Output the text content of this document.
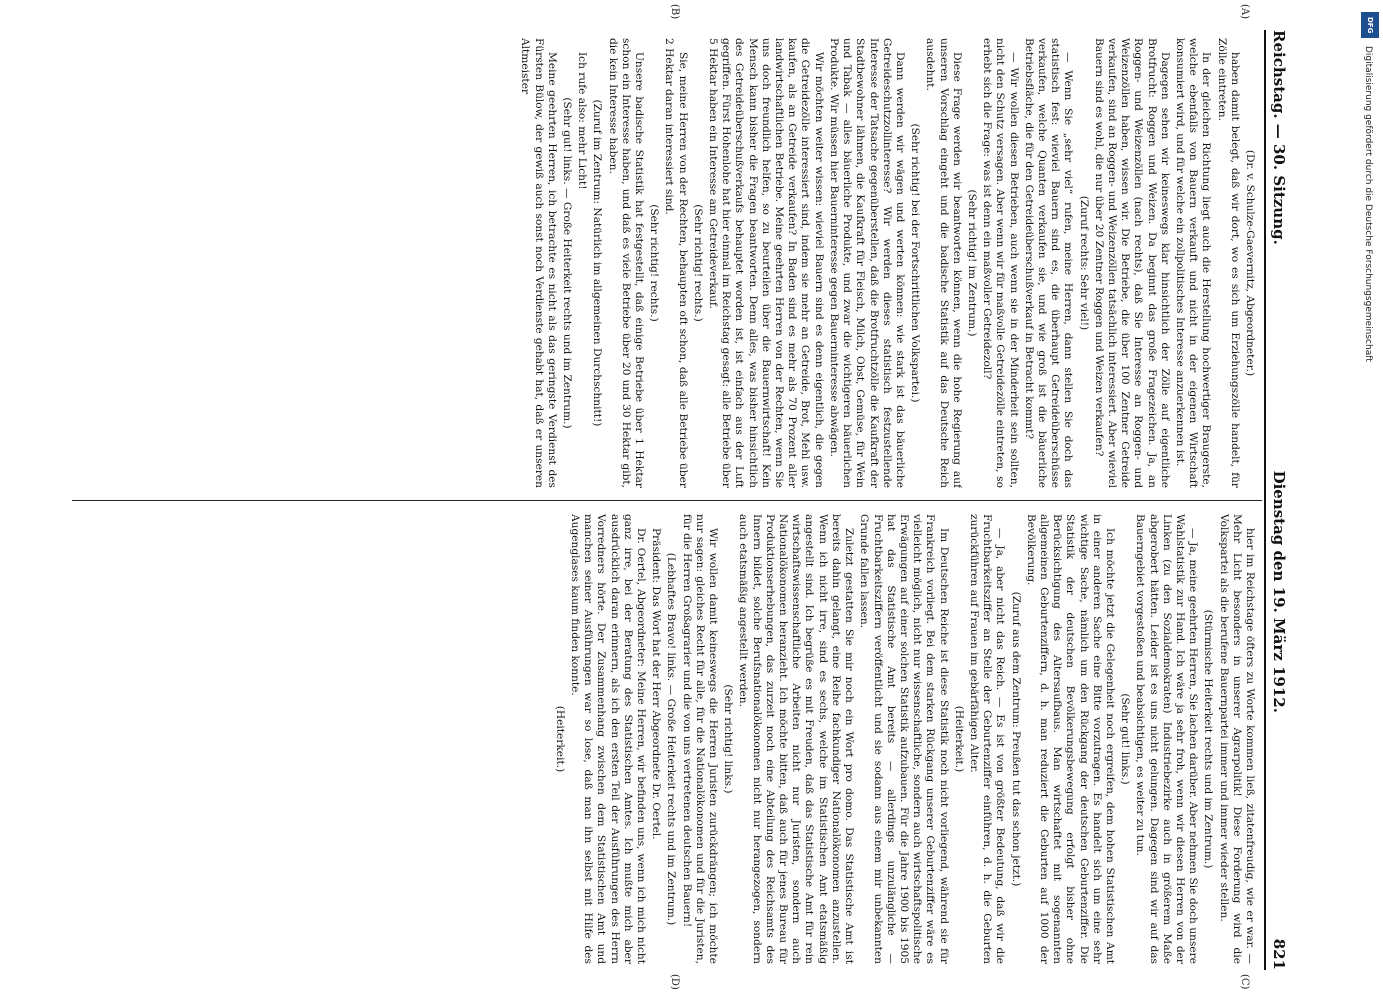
Reichstag. — 30. Sitzung.
Dienstag den 19. März 1912.
821
(A)
(B)
(C)
(D)

(Dr. v. Schulze-Gaevernitz, Abgeordneter.)

haben damit belegt, daß wir dort, wo es sich um Erziehungszölle handelt, für Zölle eintreten.

In der gleichen Richtung liegt auch die Herstellung hochwertiger Braugerste, welche ebenfalls von Bauern verkauft und nicht in der eigenen Wirtschaft konsumiert wird, und für welche ein zollpolitisches Interesse anzuerkennen ist.

Dagegen sehen wir keineswegs klar hinsichtlich der Zölle auf eigentliche Brotfrucht: Roggen und Weizen. Da beginnt das große Fragezeichen. Ja, an Roggen- und Weizenzöllen (nach rechts), daß Sie Interesse an Roggen- und Weizenzöllen haben, wissen wir. Die Betriebe, die über 100 Zentner Getreide verkaufen, sind an Roggen- und Weizenzöllen tatsächlich interessiert. Aber wieviel Bauern sind es wohl, die nur über 20 Zentner Roggen und Weizen verkaufen?

(Zuruf rechts: Sehr viel!)

— Wenn Sie „sehr viel“ rufen, meine Herren, dann stellen Sie doch das statistisch fest: wieviel Bauern sind es, die überhaupt Getreideüberschüsse verkaufen, welche Quanten verkaufen sie, und wie groß ist die bäuerliche Betriebsfläche, die für den Getreideüberschußverkauf in Betracht kommt?

— Wir wollen diesen Betrieben, auch wenn sie in der Minderheit sein sollten, nicht den Schutz versagen. Aber wenn wir für maßvolle Getreidezölle eintreten, so erhebt sich die Frage: was ist denn ein maßvoller Getreidezoll?

(Sehr richtig! im Zentrum.)

Diese Frage werden wir beantworten können, wenn die hohe Regierung auf unseren Vorschlag eingeht und die badische Statistik auf das Deutsche Reich ausdehnt.

(Sehr richtig! bei der Fortschrittlichen Volkspartei.)

Dann werden wir wägen und werten können: wie stark ist das bäuerliche Getreideschutzzollinteresse? Wir werden dieses statistisch festzustellende Interesse der Tatsache gegenüberstellen, daß die Brotfruchtzölle die Kaufkraft der Stadtbewohner lähmen, die Kaufkraft für Fleisch, Milch, Obst, Gemüse, für Wein und Tabak — alles bäuerliche Produkte, und zwar die wichtigeren bäuerlichen Produkte. Wir müssen hier Bauerninteresse gegen Bauerninteresse abwägen.

Wir möchten weiter wissen: wieviel Bauern sind es denn eigentlich, die gegen die Getreidezölle interessiert sind, indem sie mehr an Getreide, Brot, Mehl usw. kaufen, als an Getreide verkaufen? In Baden sind es mehr als 70 Prozent aller landwirtschaftlichen Betriebe. Meine geehrten Herren von der Rechten, wenn Sie uns doch freundlich helfen, so zu beurteilen über die Bauernwirtschaft! Kein Mensch kann bisher die Fragen beantworten. Denn alles, was bisher hinsichtlich des Getreideüberschußverkaufs behauptet worden ist, ist einfach aus der Luft gegriffen. Fürst Hohenlohe hat hier einmal im Reichstag gesagt: alle Betriebe über 5 Hektar haben ein Interesse am Getreideverkauf.

(Sehr richtig! rechts.)

Sie, meine Herren von der Rechten, behaupten oft schon, daß alle Betriebe über 2 Hektar daran interessiert sind.

(Sehr richtig! rechts.)

Unsere badische Statistik hat festgestellt, daß einige Betriebe über 1 Hektar schon ein Interesse haben, und daß es viele Betriebe über 20 und 30 Hektar gibt, die kein Interesse haben.

(Zuruf im Zentrum: Natürlich im allgemeinen Durchschnitt!)

Ich rufe also: mehr Licht!

(Sehr gut! links. — Große Heiterkeit rechts und im Zentrum.)

Meine geehrten Herren, ich betrachte es nicht als das geringste Verdienst des Fürsten Bülow, der gewiß auch sonst noch Verdienste gehabt hat, daß er unseren Altmeister

hier im Reichstage öfters zu Worte kommen ließ, zitatenfreudig, wie er war. — Mehr Licht besonders in unserer Agrarpolitik! Diese Forderung wird die Volkspartei als die berufene Bauernpartei immer und immer wieder stellen.

(Stürmische Heiterkeit rechts und im Zentrum.)

— Ja, meine geehrten Herren, Sie lachen darüber. Aber nehmen Sie doch unsere Wahlstatistik zur Hand. Ich wäre ja sehr froh, wenn wir diesen Herren von der Linken (zu den Sozialdemokraten) Industriebezirke auch in größerem Maße abgerobert hätten. Leider ist es uns nicht gelungen. Dagegen sind wir auf das Bauerngebiet vorgestoßen und beabsichtigen, es weiter zu tun.

(Sehr gut! links.)

Ich möchte jetzt die Gelegenheit noch ergreifen, dem hohen Statistischen Amt in einer anderen Sache eine Bitte vorzutragen. Es handelt sich um eine sehr wichtige Sache, nämlich um den Rückgang der deutschen Geburtenziffer. Die Statistik der deutschen Bevölkerungsbewegung erfolgt bisher ohne Berücksichtigung des Altersaufbaus. Man wirtschaftet mit sogenannten allgemeinen Geburtenziffern, d. h. man reduziert die Geburten auf 1000 der Bevölkerung.

(Zuruf aus dem Zentrum: Preußen tut das schon jetzt.)

— Ja, aber nicht das Reich. — Es ist von größter Bedeutung, daß wir die Fruchtbarkeitsziffer an Stelle der Geburtenziffer einführen, d. h. die Geburten zurückführen auf Frauen im gebärfähigen Alter.

(Heiterkeit.)

Im Deutschen Reiche ist diese Statistik noch nicht vorliegend, während sie für Frankreich vorliegt. Bei dem starken Rückgang unserer Geburtenziffer wäre es vielleicht möglich, nicht nur wissenschaftliche, sondern auch wirtschaftspolitische Erwägungen auf einer solchen Statistik aufzubauen. Für die Jahre 1900 bis 1905 hat das Statistische Amt bereits — allerdings unzulängliche — Fruchtbarkeitsziffern veröffentlicht und sie sodann aus einem mir unbekannten Grunde fallen lassen.

Zuletzt gestatten Sie mir noch ein Wort pro domo. Das Statistische Amt ist bereits dahin gelangt, eine Reihe fachkundiger Nationalökonomen anzustellen. Wenn ich nicht irre, sind es sechs, welche im Statistischen Amt etatsmäßig angestellt sind. Ich begrüße es mit Freuden, daß das Statistische Amt für rein wirtschaftswissenschaftliche Arbeiten nicht nur Juristen, sondern auch Nationalökonomen heranzieht. Ich möchte bitten, daß auch für jenes Bureau für Produktionserhebungen, das zurzeit noch eine Abteilung des Reichsamts des Innern bildet, solche Berufsnationalökonomen nicht nur herangezogen, sondern auch etatsmäßig angestellt werden.

(Sehr richtig! links.)

Wir wollen damit keineswegs die Herren Juristen zurückdrängen; ich möchte nur sagen: gleiches Recht für alle, für die Nationalökonomen und für die Juristen, für die Herren Großagrarier und die von uns vertretenen deutschen Bauern!

(Lebhaftes Bravo! links. — Große Heiterkeit rechts und im Zentrum.)

Präsident: Das Wort hat der Herr Abgeordnete Dr. Oertel.

Dr. Oertel, Abgeordneter: Meine Herren, wir befinden uns, wenn ich mich nicht ganz irre, bei der Beratung des Statistischen Amtes. Ich mußte mich aber ausdrücklich daran erinnern, als ich den ersten Teil der Ausführungen des Herrn Vorredners hörte. Der Zusammenhang zwischen dem Statistischen Amt und manchen seiner Ausführungen war so lose, daß man ihn selbst mit Hilfe des Augenglases kaum finden konnte.

(Heiterkeit.)

DFG
Digitalisierung gefördert durch die Deutsche Forschungsgemeinschaft
